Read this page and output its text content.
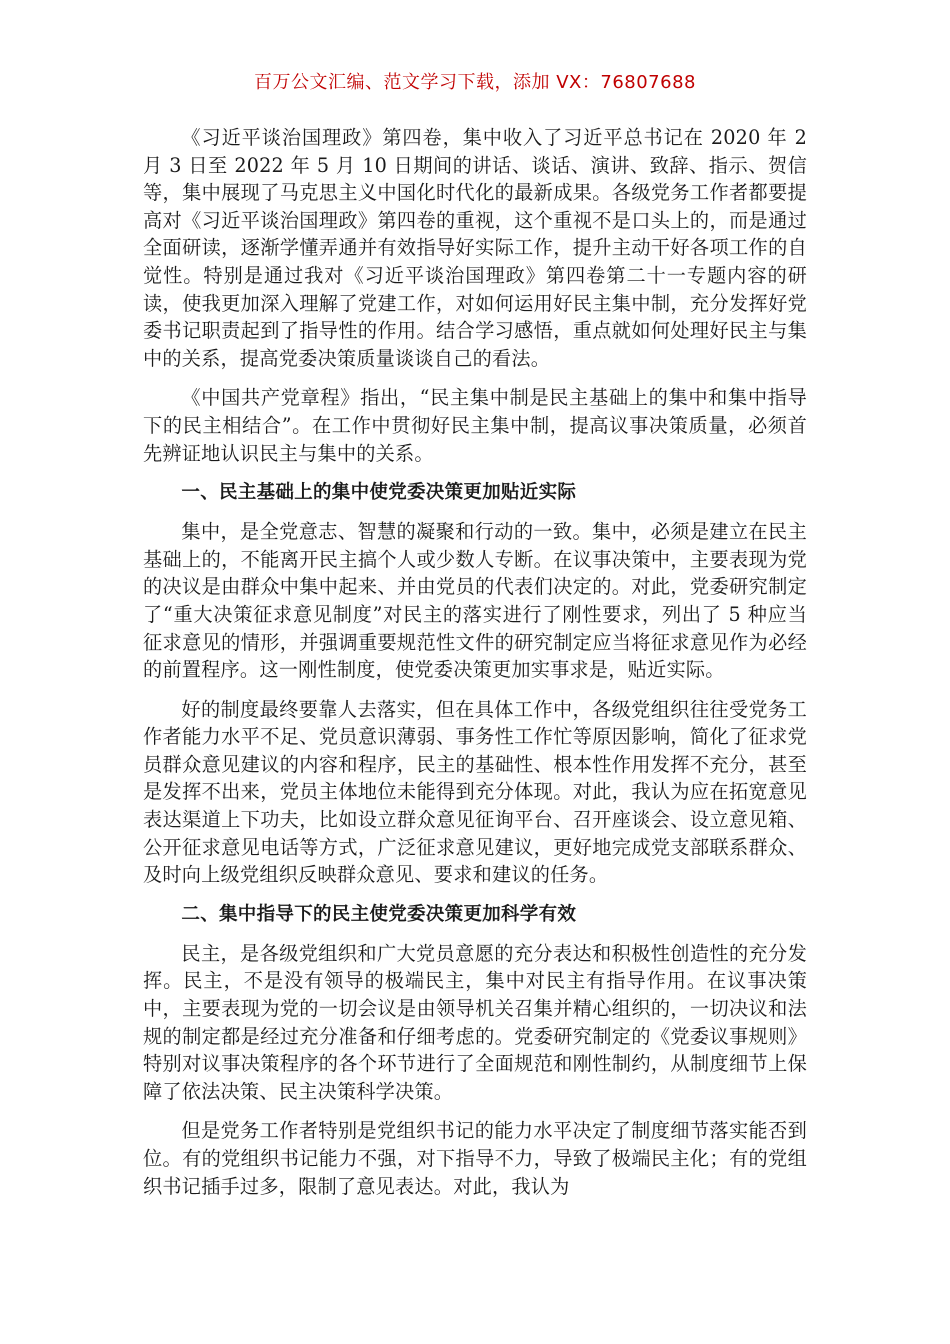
百万公文汇编、范文学习下载，添加 VX：76807688

《习近平谈治国理政》第四卷，集中收入了习近平总书记在 2020 年 2 月 3 日至 2022 年 5 月 10 日期间的讲话、谈话、演讲、致辞、指示、贺信等，集中展现了马克思主义中国化时代化的最新成果。各级党务工作者都要提高对《习近平谈治国理政》第四卷的重视，这个重视不是口头上的，而是通过全面研读，逐渐学懂弄通并有效指导好实际工作，提升主动干好各项工作的自觉性。特别是通过我对《习近平谈治国理政》第四卷第二十一专题内容的研读，使我更加深入理解了党建工作，对如何运用好民主集中制，充分发挥好党委书记职责起到了指导性的作用。结合学习感悟，重点就如何处理好民主与集中的关系，提高党委决策质量谈谈自己的看法。

《中国共产党章程》指出，“民主集中制是民主基础上的集中和集中指导下的民主相结合”。在工作中贯彻好民主集中制，提高议事决策质量，必须首先辨证地认识民主与集中的关系。

一、民主基础上的集中使党委决策更加贴近实际

集中，是全党意志、智慧的凝聚和行动的一致。集中，必须是建立在民主基础上的，不能离开民主搞个人或少数人专断。在议事决策中，主要表现为党的决议是由群众中集中起来、并由党员的代表们决定的。对此，党委研究制定了“重大决策征求意见制度”对民主的落实进行了刚性要求，列出了 5 种应当征求意见的情形，并强调重要规范性文件的研究制定应当将征求意见作为必经的前置程序。这一刚性制度，使党委决策更加实事求是，贴近实际。

好的制度最终要靠人去落实，但在具体工作中，各级党组织往往受党务工作者能力水平不足、党员意识薄弱、事务性工作忙等原因影响，简化了征求党员群众意见建议的内容和程序，民主的基础性、根本性作用发挥不充分，甚至是发挥不出来，党员主体地位未能得到充分体现。对此，我认为应在拓宽意见表达渠道上下功夫，比如设立群众意见征询平台、召开座谈会、设立意见箱、公开征求意见电话等方式，广泛征求意见建议，更好地完成党支部联系群众、及时向上级党组织反映群众意见、要求和建议的任务。

二、集中指导下的民主使党委决策更加科学有效

民主，是各级党组织和广大党员意愿的充分表达和积极性创造性的充分发挥。民主，不是没有领导的极端民主，集中对民主有指导作用。在议事决策中，主要表现为党的一切会议是由领导机关召集并精心组织的，一切决议和法规的制定都是经过充分准备和仔细考虑的。党委研究制定的《党委议事规则》特别对议事决策程序的各个环节进行了全面规范和刚性制约，从制度细节上保障了依法决策、民主决策科学决策。

但是党务工作者特别是党组织书记的能力水平决定了制度细节落实能否到位。有的党组织书记能力不强，对下指导不力，导致了极端民主化；有的党组织书记插手过多，限制了意见表达。对此，我认为
